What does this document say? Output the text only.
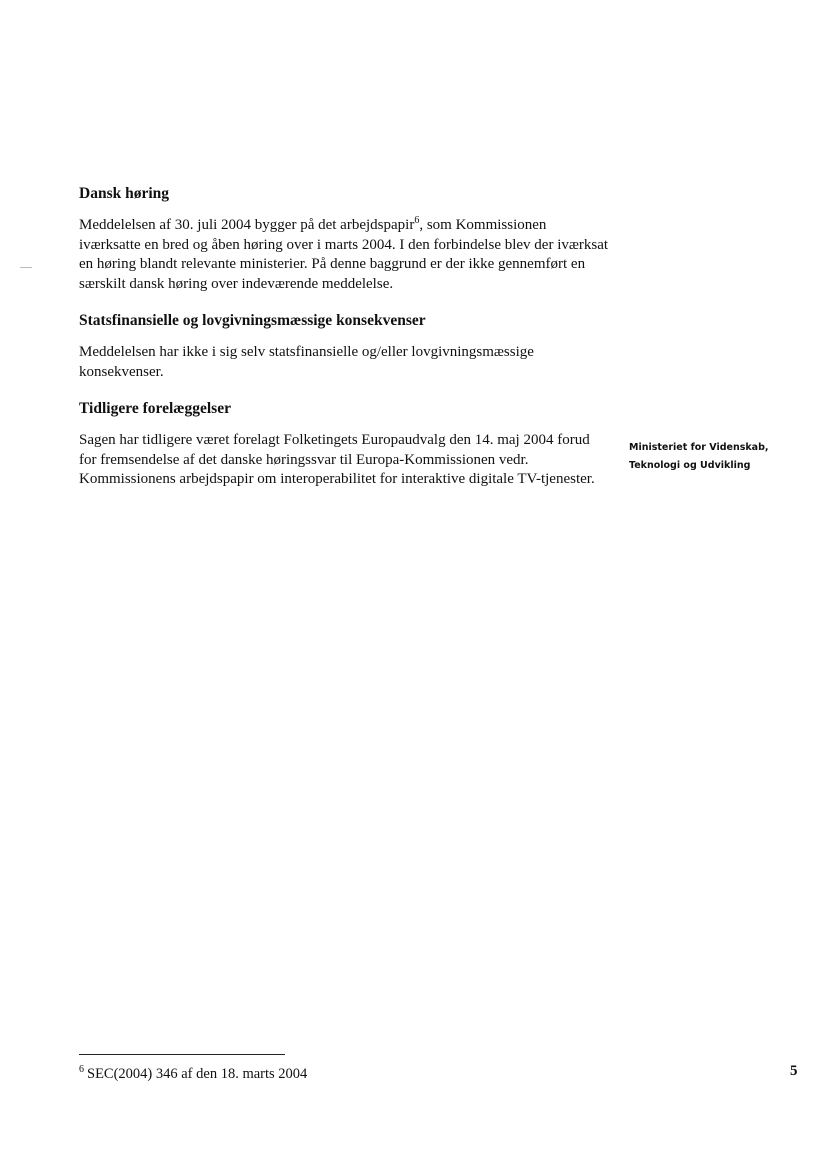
Dansk høring

Meddelelsen af 30. juli 2004 bygger på det arbejdspapir$^6$, som Kommissionen iværksatte en bred og åben høring over i marts 2004. I den forbindelse blev der iværksat en høring blandt relevante ministerier. På denne baggrund er der ikke gennemført en særskilt dansk høring over indeværende meddelelse.

Statsfinansielle og lovgivningsmæssige konsekvenser

Meddelelsen har ikke i sig selv statsfinansielle og/eller lovgivningsmæssige konsekvenser.

Tidligere forelæggelser

Sagen har tidligere været forelagt Folketingets Europaudvalg den 14. maj 2004 forud for fremsendelse af det danske høringssvar til Europa-Kommissionen vedr. Kommissionens arbejdspapir om interoperabilitet for interaktive digitale TV-tjenester.

Ministeriet for Videnskab,
Teknologi og Udvikling
$^6$ SEC(2004) 346 af den 18. marts 2004	5
